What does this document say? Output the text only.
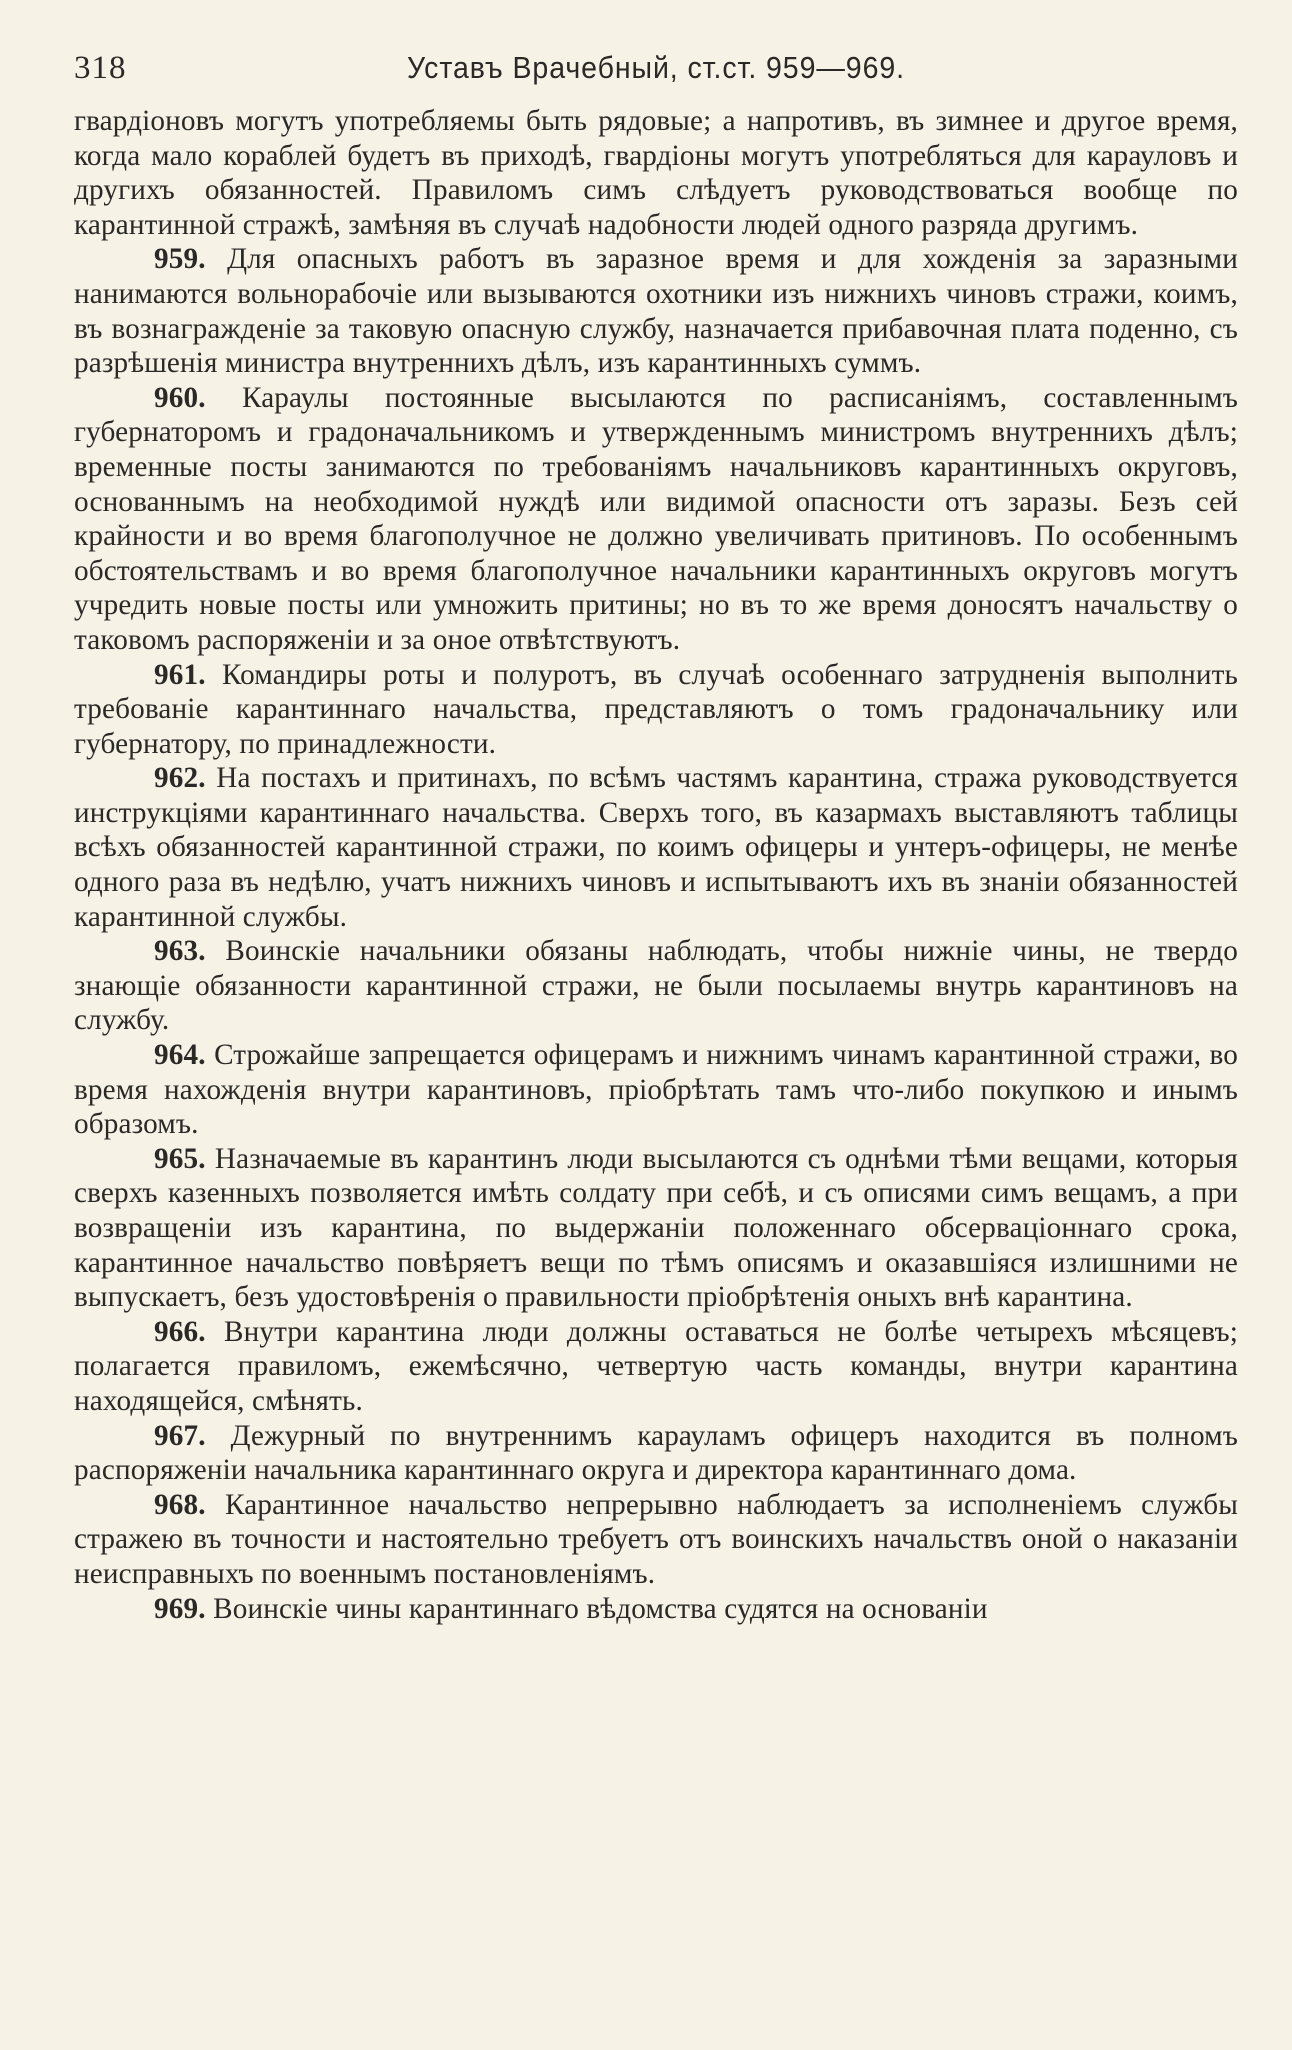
318	Уставъ Врачебный, ст.ст. 959—969.

гвардіоновъ могутъ употребляемы быть рядовые; а напротивъ, въ зимнее и другое время, когда мало кораблей будетъ въ приходѣ, гвардіоны могутъ употребляться для карауловъ и другихъ обязанностей. Правиломъ симъ слѣдуетъ руководствоваться вообще по карантинной стражѣ, замѣняя въ случаѣ надобности людей одного разряда другимъ.

959. Для опасныхъ работъ въ заразное время и для хожденія за заразными нанимаются вольнорабочіе или вызываются охотники изъ нижнихъ чиновъ стражи, коимъ, въ вознагражденіе за таковую опасную службу, назначается прибавочная плата поденно, съ разрѣшенія министра внутреннихъ дѣлъ, изъ карантинныхъ суммъ.

960. Караулы постоянные высылаются по расписаніямъ, составленнымъ губернаторомъ и градоначальникомъ и утвержденнымъ министромъ внутреннихъ дѣлъ; временные посты занимаются по требованіямъ начальниковъ карантинныхъ округовъ, основаннымъ на необходимой нуждѣ или видимой опасности отъ заразы. Безъ сей крайности и во время благополучное не должно увеличивать притиновъ. По особеннымъ обстоятельствамъ и во время благополучное начальники карантинныхъ округовъ могутъ учредить новые посты или умножить притины; но въ то же время доносятъ начальству о таковомъ распоряженіи и за оное отвѣтствуютъ.

961. Командиры роты и полуротъ, въ случаѣ особеннаго затрудненія выполнить требованіе карантиннаго начальства, представляютъ о томъ градоначальнику или губернатору, по принадлежности.

962. На постахъ и притинахъ, по всѣмъ частямъ карантина, стража руководствуется инструкціями карантиннаго начальства. Сверхъ того, въ казармахъ выставляютъ таблицы всѣхъ обязанностей карантинной стражи, по коимъ офицеры и унтеръ-офицеры, не менѣе одного раза въ недѣлю, учатъ нижнихъ чиновъ и испытываютъ ихъ въ знаніи обязанностей карантинной службы.

963. Воинскіе начальники обязаны наблюдать, чтобы нижніе чины, не твердо знающіе обязанности карантинной стражи, не были посылаемы внутрь карантиновъ на службу.

964. Строжайше запрещается офицерамъ и нижнимъ чинамъ карантинной стражи, во время нахожденія внутри карантиновъ, пріобрѣтать тамъ что-либо покупкою и инымъ образомъ.

965. Назначаемые въ карантинъ люди высылаются съ однѣми тѣми вещами, которыя сверхъ казенныхъ позволяется имѣть солдату при себѣ, и съ описями симъ вещамъ, а при возвращеніи изъ карантина, по выдержаніи положеннаго обсерваціоннаго срока, карантинное начальство повѣряетъ вещи по тѣмъ описямъ и оказавшіяся излишними не выпускаетъ, безъ удостовѣренія о правильности пріобрѣтенія оныхъ внѣ карантина.

966. Внутри карантина люди должны оставаться не болѣе четырехъ мѣсяцевъ; полагается правиломъ, ежемѣсячно, четвертую часть команды, внутри карантина находящейся, смѣнять.

967. Дежурный по внутреннимъ карауламъ офицеръ находится въ полномъ распоряженіи начальника карантиннаго округа и директора карантиннаго дома.

968. Карантинное начальство непрерывно наблюдаетъ за исполненіемъ службы стражею въ точности и настоятельно требуетъ отъ воинскихъ начальствъ оной о наказаніи неисправныхъ по военнымъ постановленіямъ.

969. Воинскіе чины карантиннаго вѣдомства судятся на основаніи
